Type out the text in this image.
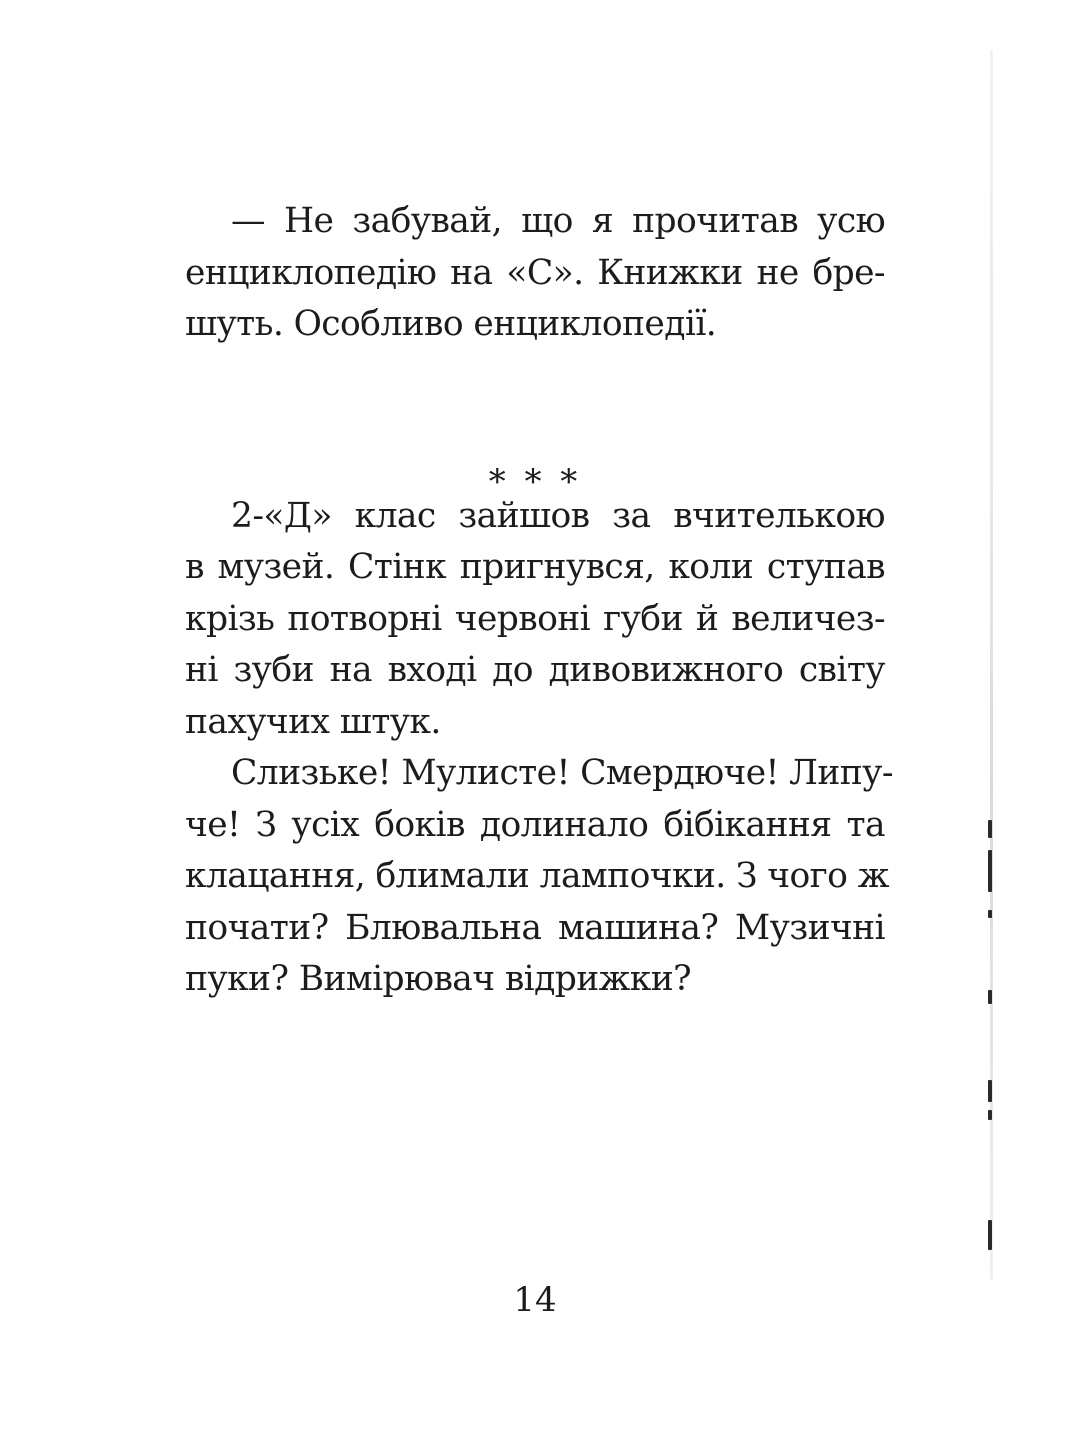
— Не забувай, що я прочитав усю
енциклопедію на «С». Книжки не бре-
шуть. Особливо енциклопедії.
2-«Д» клас зайшов за вчителькою
в музей. Стінк пригнувся, коли ступав
крізь потворні червоні губи й величез-
ні зуби на вході до дивовижного світу
пахучих штук.
Слизьке! Мулисте! Смердюче! Липу-
че! З усіх боків долинало бібікання та
клацання, блимали лампочки. З чого ж
почати? Блювальна машина? Музичні
пуки? Вимірювач відрижки?
* * *
14
